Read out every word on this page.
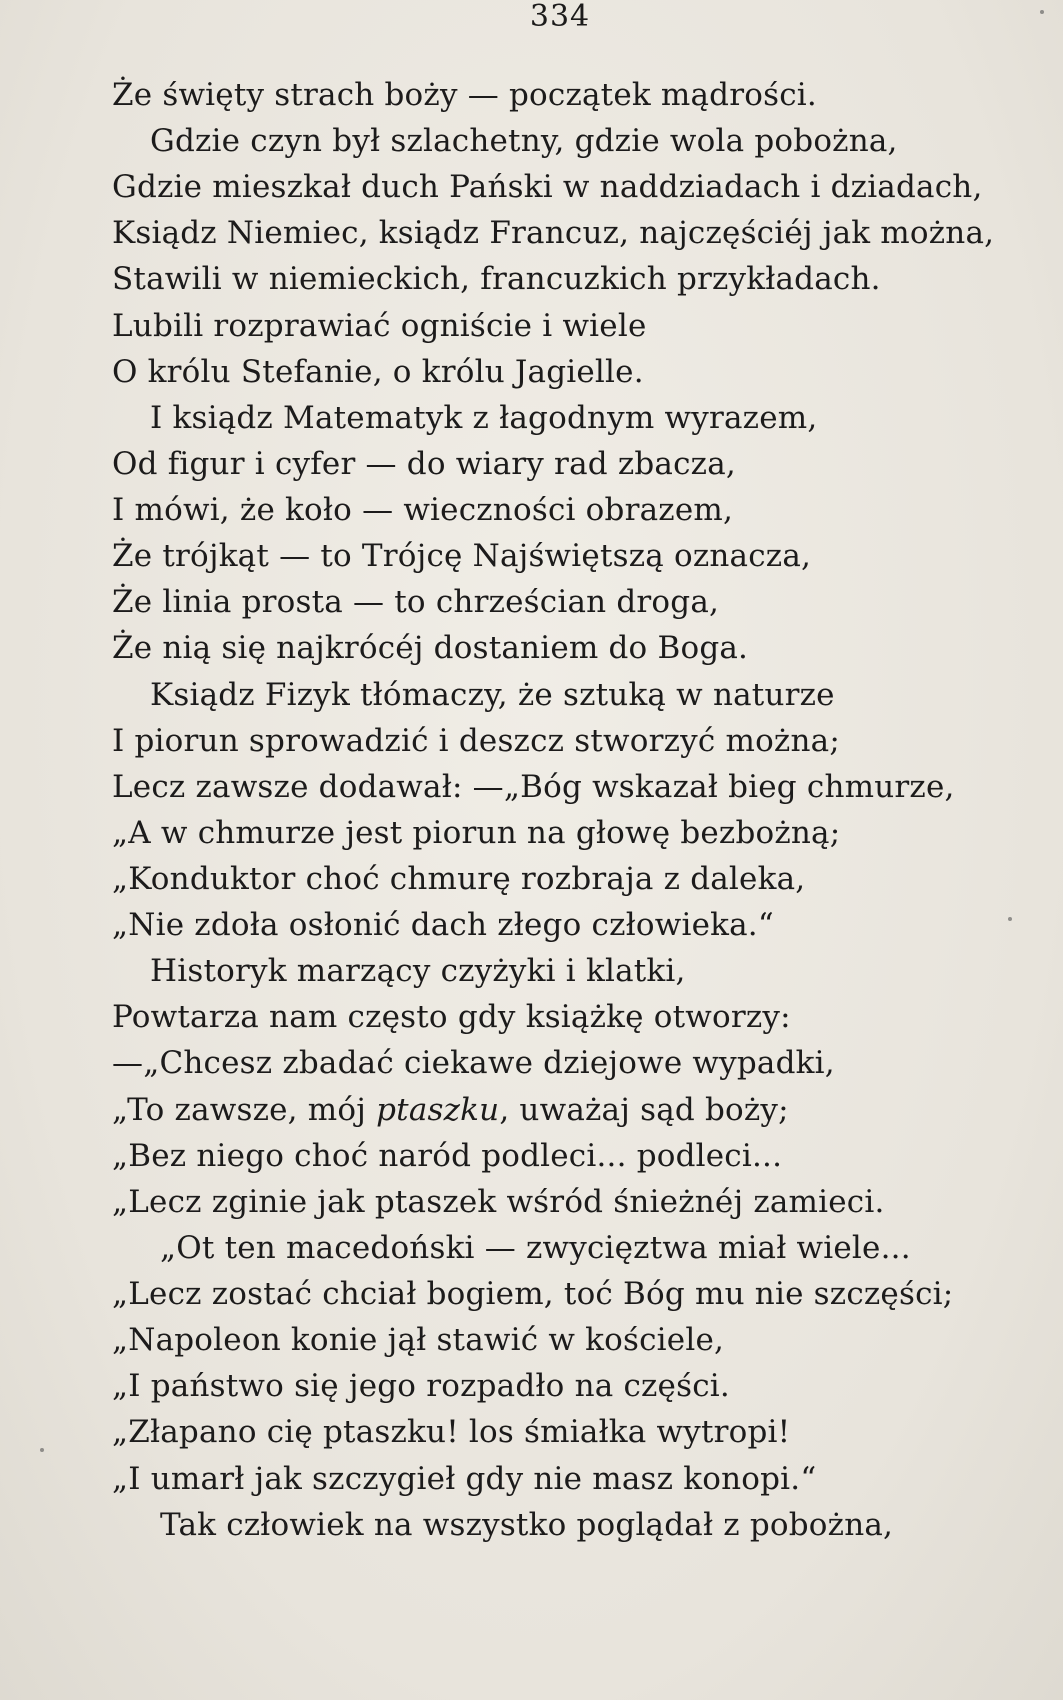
334
Że święty strach boży — początek mądrości.
Gdzie czyn był szlachetny, gdzie wola pobożna,
Gdzie mieszkał duch Pański w naddziadach i dziadach,
Ksiądz Niemiec, ksiądz Francuz, najczęściéj jak można,
Stawili w niemieckich, francuzkich przykładach.
Lubili rozprawiać ogniście i wiele
O królu Stefanie, o królu Jagielle.
I ksiądz Matematyk z łagodnym wyrazem,
Od figur i cyfer — do wiary rad zbacza,
I mówi, że koło — wieczności obrazem,
Że trójkąt — to Trójcę Najświętszą oznacza,
Że linia prosta — to chrześcian droga,
Że nią się najkrócéj dostaniem do Boga.
Ksiądz Fizyk tłómaczy, że sztuką w naturze
I piorun sprowadzić i deszcz stworzyć można;
Lecz zawsze dodawał: —„Bóg wskazał bieg chmurze,
„A w chmurze jest piorun na głowę bezbożną;
„Konduktor choć chmurę rozbraja z daleka,
„Nie zdoła osłonić dach złego człowieka.“
Historyk marzący czyżyki i klatki,
Powtarza nam często gdy książkę otworzy:
—„Chcesz zbadać ciekawe dziejowe wypadki,
„To zawsze, mój ptaszku, uważaj sąd boży;
„Bez niego choć naród podleci... podleci...
„Lecz zginie jak ptaszek wśród śnieżnéj zamieci.
„Ot ten macedoński — zwycięztwa miał wiele...
„Lecz zostać chciał bogiem, toć Bóg mu nie szczęści;
„Napoleon konie jął stawić w kościele,
„I państwo się jego rozpadło na części.
„Złapano cię ptaszku! los śmiałka wytropi!
„I umarł jak szczygieł gdy nie masz konopi.“
Tak człowiek na wszystko poglądał z pobożna,
